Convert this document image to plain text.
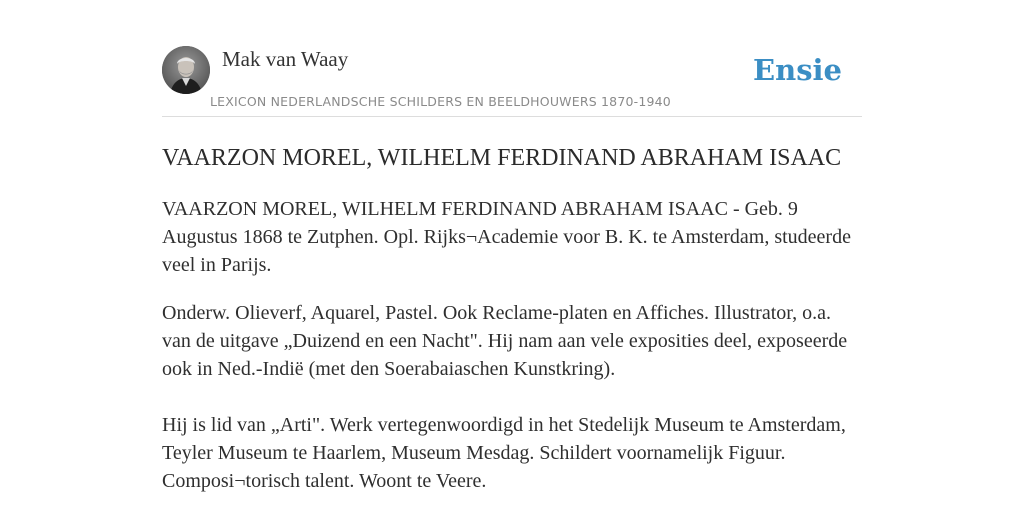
Mak van Waay
LEXICON NEDERLANDSCHE SCHILDERS EN BEELDHOUWERS 1870-1940
Ensie
VAARZON MOREL, WILHELM FERDINAND ABRAHAM ISAAC

VAARZON MOREL, WILHELM FERDINAND ABRAHAM ISAAC - Geb. 9 Augustus 1868 te Zutphen. Opl. Rijks¬Academie voor B. K. te Amsterdam, studeerde veel in Parijs.

Onderw. Olieverf, Aquarel, Pastel. Ook Reclame-platen en Affiches. Illustrator, o.a. van de uitgave „Duizend en een Nacht". Hij nam aan vele exposities deel, exposeerde ook in Ned.-Indië (met den Soerabaiaschen Kunstkring).

Hij is lid van „Arti". Werk vertegenwoordigd in het Stedelijk Museum te Amsterdam, Teyler Museum te Haarlem, Museum Mesdag. Schildert voornamelijk Figuur. Composi¬torisch talent. Woont te Veere.
